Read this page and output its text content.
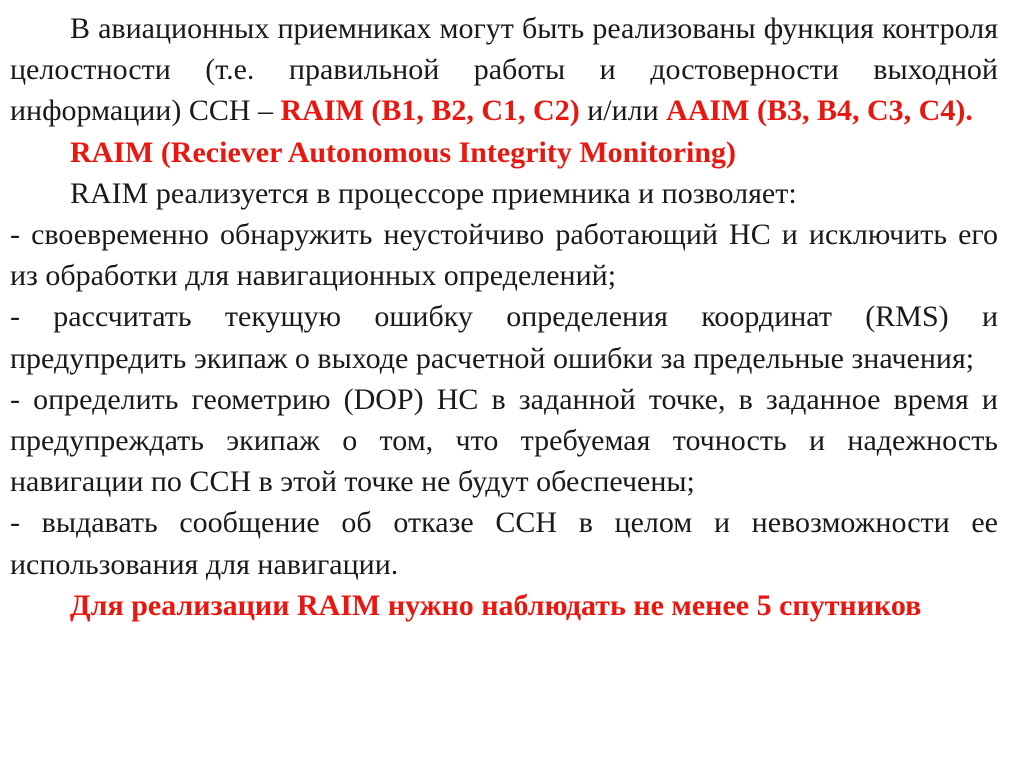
В авиационных приемниках могут быть реализованы функция контроля целостности (т.е. правильной работы и достоверности выходной информации) ССН – RAIM (B1, B2, C1, C2) и/или AAIM (B3, B4, C3, C4).

RAIM (Reciever Autonomous Integrity Monitoring)

RAIM реализуется в процессоре приемника и позволяет:

- своевременно обнаружить неустойчиво работающий НС и исключить его из обработки для навигационных определений;

- рассчитать текущую ошибку определения координат (RMS) и предупредить экипаж о выходе расчетной ошибки за предельные значения;

- определить геометрию (DOP) НС в заданной точке, в заданное время и предупреждать экипаж о том, что требуемая точность и надежность навигации по ССН в этой точке не будут обеспечены;

- выдавать сообщение об отказе ССН в целом и невозможности ее использования для навигации.

Для реализации RAIM нужно наблюдать не менее 5 спутников
